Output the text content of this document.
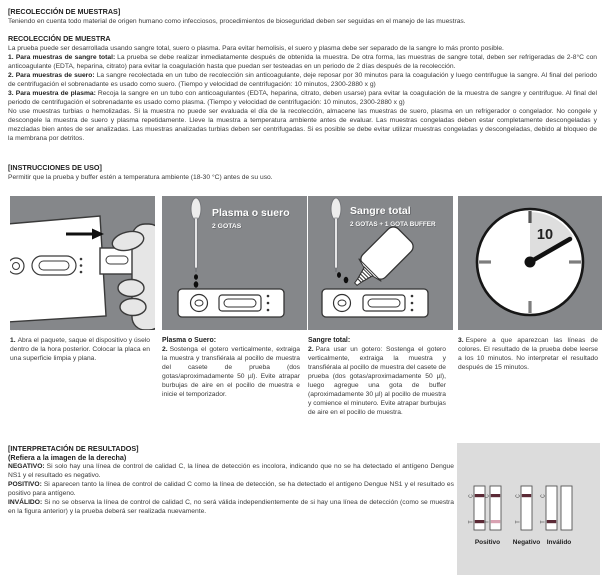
[RECOLECCIÓN DE MUESTRAS]

Teniendo en cuenta todo material de origen humano como infecciosos, procedimientos de bioseguridad deben ser seguidas en el manejo de las muestras.

RECOLECCIÓN DE MUESTRA

La prueba puede ser desarrollada usando sangre total, suero o plasma. Para evitar hemolisis, el suero y plasma debe ser separado de la sangre lo más pronto posible.

1. Para muestras de sangre total: La prueba se debe realizar inmediatamente después de obtenida la muestra. De otra forma, las muestras de sangre total, deben ser refrigeradas de 2-8°C con anticoagulante (EDTA, heparina, citrato) para evitar la coagulación hasta que puedan ser testeadas en un periodo de 2 días después de la recolección.

2. Para muestras de suero: La sangre recolectada en un tubo de recolección sin anticoagulante, deje reposar por 30 minutos para la coagulación y luego centrifugue la sangre. Al final del periodo de centrifugación el sobrenadante es usado como suero. (Tiempo y velocidad de centrifugación: 10 minutos, 2300-2880 x g)

3. Para muestra de plasma: Recoja la sangre en un tubo con anticoagulantes (EDTA, heparina, citrato, deben usarse) para evitar la coagulación de la muestra de sangre y centrifugue. Al final del periodo de centrifugación el sobrenadante es usado como plasma. (Tiempo y velocidad de centrifugación: 10 minutos, 2300-2880 x g)

No use muestras turbias o hemolizadas. Si la muestra no puede ser evaluada el día de la recolección, almacene las muestras de suero, plasma en un refrigerador o congelador. No congele y descongele la muestra de suero y plasma repetidamente. Lleve la muestra a temperatura ambiente antes de evaluar. Las muestras congeladas deben estar completamente descongeladas y mezcladas bien antes de ser analizadas. Las muestras analizadas turbias deben ser centrifugadas. Si es posible se debe evitar utilizar muestras congeladas y descongeladas, debido al bloqueo de la membrana por detritos.

[INSTRUCCIONES DE USO]

Permitir que la prueba y buffer estén a temperatura ambiente (18-30 °C) antes de su uso.

Plasma o suero
2 GOTAS
Sangre total
2 GOTAS + 1 GOTA BUFFER
10

1. Abra el paquete, saque el dispositivo y úselo dentro de la hora posterior. Colocar la placa en una superficie limpia y plana.

Plasma o Suero:

2. Sostenga el gotero verticalmente, extraiga la muestra y transfiérala al pocillo de muestra del casete de prueba (dos gotas/aproximadamente 50 µl). Evite atrapar burbujas de aire en el pocillo de muestra e inicie el temporizador.

Sangre total:

2. Para usar un gotero: Sostenga el gotero verticalmente, extraiga la muestra y transfiérala al pocillo de muestra del casete de prueba (dos gotas/aproximadamente 50 µl), luego agregue una gota de buffer (aproximadamente 30 µl) al pocillo de muestra y comience el minutero. Evite atrapar burbujas de aire en el pocillo de muestra.

3. Espere a que aparezcan las líneas de colores. El resultado de la prueba debe leerse a los 10 minutos. No interpretar el resultado después de 15 minutos.

[INTERPRETACIÓN DE RESULTADOS]
(Refiera a la imagen de la derecha)

NEGATIVO: Si solo hay una línea de control de calidad C, la línea de detección es incolora, indicando que no se ha detectado el antígeno Dengue NS1 y el resultado es negativo.

POSITIVO: Si aparecen tanto la línea de control de calidad C como la línea de detección, se ha detectado el antígeno Dengue NS1 y el resultado es positivo para antígeno.

INVÁLIDO: Si no se observa la línea de control de calidad C, no será válida independientemente de si hay una línea de detección (como se muestra en la figura anterior) y la prueba deberá ser realizada nuevamente.

C
T
C
T
C
T
C
T
Positivo Negativo Inválido
